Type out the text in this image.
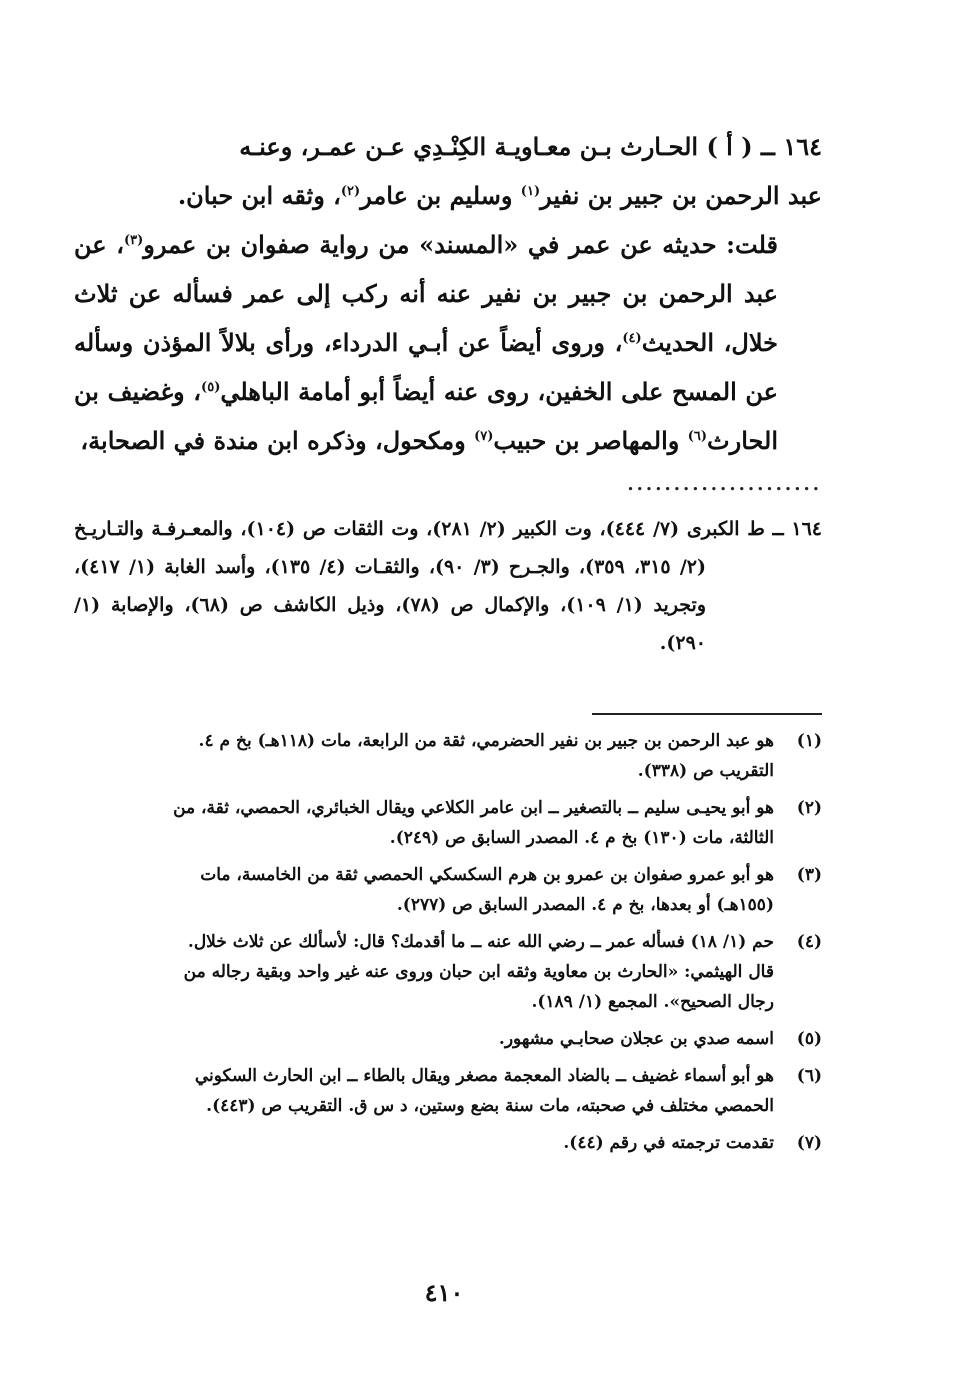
١٦٤ ــ ( أ ) الحـارث بـن معـاويـة الكِنْـدِي عـن عمـر، وعنـه
عبد الرحمن بن جبير بن نفير$^{(١)}$ وسليم بن عامر$^{(٢)}$، وثقه ابن حبان.

قلت: حديثه عن عمر في «المسند» من رواية صفوان بن عمرو$^{(٣)}$، عن عبد الرحمن بن جبير بن نفير عنه أنه ركب إلى عمر فسأله عن ثلاث خلال، الحديث$^{(٤)}$، وروى أيضاً عن أبـي الدرداء، ورأى بلالاً المؤذن وسأله عن المسح على الخفين، روى عنه أيضاً أبو أمامة الباهلي$^{(٥)}$، وغضيف بن الحارث$^{(٦)}$ والمهاصر بن حبيب$^{(٧)}$ ومكحول، وذكره ابن مندة في الصحابة،

.....................
١٦٤ ــ ط الكبرى (٧/ ٤٤٤)، وت الكبير (٢/ ٢٨١)، وت الثقات ص (١٠٤)، والمعـرفـة والتـاريـخ (٢/ ٣١٥، ٣٥٩)، والجـرح (٣/ ٩٠)، والثقـات (٤/ ١٣٥)، وأسد الغابة (١/ ٤١٧)، وتجريد (١/ ١٠٩)، والإكمال ص (٧٨)، وذيل الكاشف ص (٦٨)، والإصابة (١/ ٢٩٠).
(١)
هو عبد الرحمن بن جبير بن نفير الحضرمي، ثقة من الرابعة، مات (١١٨هـ) بخ م ٤.
التقريب ص (٣٣٨).
(٢)
هو أبو يحيـى سليم ــ بالتصغير ــ ابن عامر الكلاعي ويقال الخبائري، الحمصي، ثقة، من
الثالثة، مات (١٣٠) بخ م ٤. المصدر السابق ص (٢٤٩).
(٣)
هو أبو عمرو صفوان بن عمرو بن هرم السكسكي الحمصي ثقة من الخامسة، مات
(١٥٥هـ) أو بعدها، بخ م ٤. المصدر السابق ص (٢٧٧).
(٤)
حم (١/ ١٨) فسأله عمر ــ رضي الله عنه ــ ما أقدمك؟ قال: لأسألك عن ثلاث خلال.
قال الهيثمي: «الحارث بن معاوية وثقه ابن حبان وروى عنه غير واحد وبقية رجاله من
رجال الصحيح». المجمع (١/ ١٨٩).
(٥)
اسمه صدي بن عجلان صحابـي مشهور.
(٦)
هو أبو أسماء غضيف ــ بالضاد المعجمة مصغر ويقال بالطاء ــ ابن الحارث السكوني
الحمصي مختلف في صحبته، مات سنة بضع وستين، د س ق. التقريب ص (٤٤٣).
(٧)
تقدمت ترجمته في رقم (٤٤).
٤١٠
